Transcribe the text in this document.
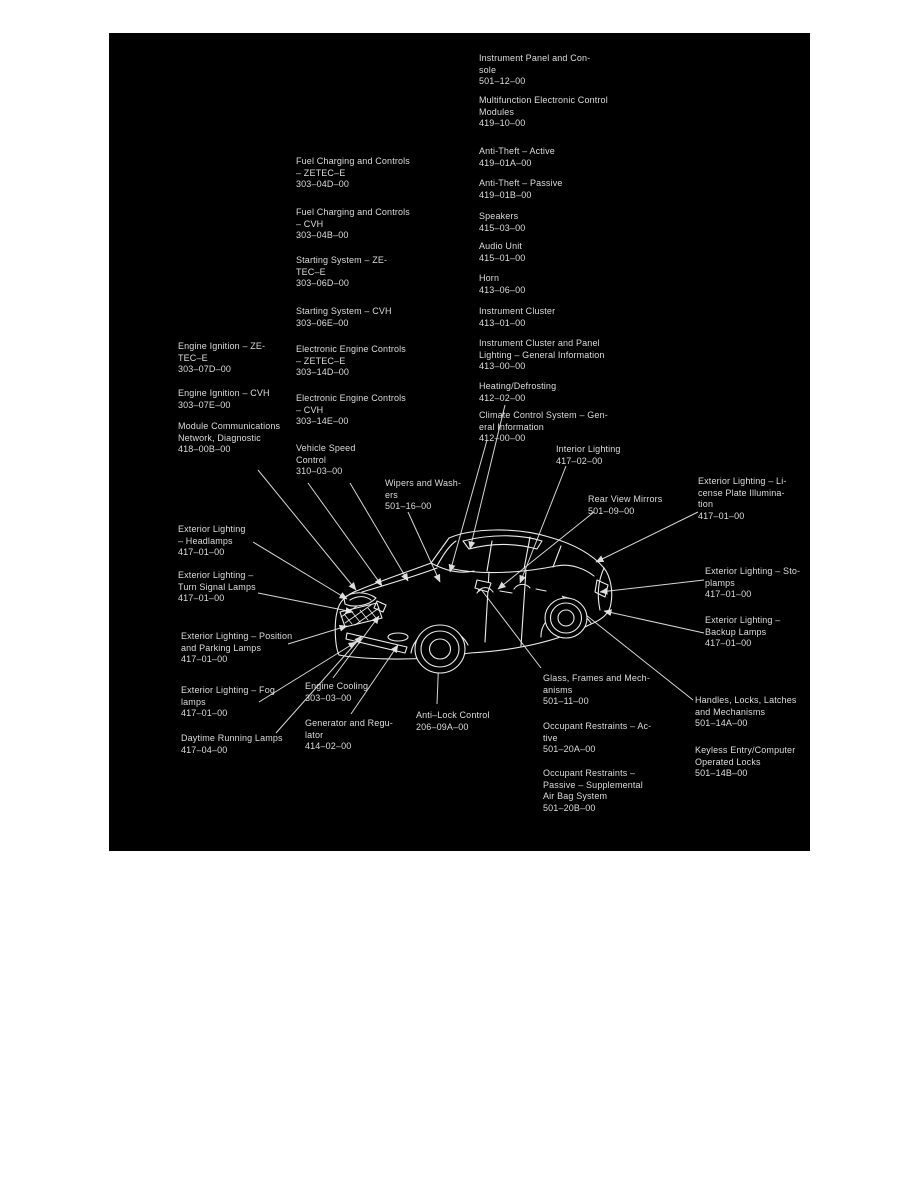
Instrument Panel and Con-
sole
501–12–00
Multifunction Electronic Control
Modules
419–10–00
Anti-Theft – Active
419–01A–00
Anti-Theft – Passive
419–01B–00
Speakers
415–03–00
Audio Unit
415–01–00
Horn
413–06–00
Instrument Cluster
413–01–00
Instrument Cluster and Panel
Lighting – General Information
413–00–00
Heating/Defrosting
412–02–00
Climate Control System – Gen-
eral Information
412–00–00
Interior Lighting
417–02–00
Fuel Charging and Controls
– ZETEC–E
303–04D–00
Fuel Charging and Controls
– CVH
303–04B–00
Starting System – ZE-
TEC–E
303–06D–00
Starting System – CVH
303–06E–00
Electronic Engine Controls
– ZETEC–E
303–14D–00
Electronic Engine Controls
– CVH
303–14E–00
Vehicle Speed
Control
310–03–00
Engine Ignition – ZE-
TEC–E
303–07D–00
Engine Ignition – CVH
303–07E–00
Module Communications
Network, Diagnostic
418–00B–00
Exterior Lighting
– Headlamps
417–01–00
Exterior Lighting –
Turn Signal Lamps
417–01–00
Exterior Lighting – Position
and Parking Lamps
417–01–00
Exterior Lighting – Fog
lamps
417–01–00
Daytime Running Lamps
417–04–00
Engine Cooling
303–03–00
Generator and Regu-
lator
414–02–00
Anti–Lock Control
206–09A–00
Wipers and Wash-
ers
501–16–00
Rear View Mirrors
501–09–00
Exterior Lighting – Li-
cense Plate Illumina-
tion
417–01–00
Exterior Lighting – Sto-
plamps
417–01–00
Exterior Lighting –
Backup Lamps
417–01–00
Handles, Locks, Latches
and Mechanisms
501–14A–00
Keyless Entry/Computer
Operated Locks
501–14B–00
Glass, Frames and Mech-
anisms
501–11–00
Occupant Restraints – Ac-
tive
501–20A–00
Occupant Restraints –
Passive – Supplemental
Air Bag System
501–20B–00
